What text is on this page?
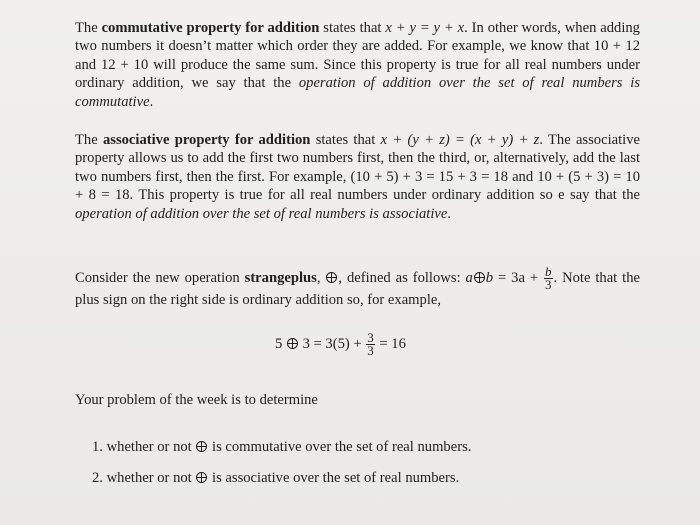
The commutative property for addition states that x + y = y + x. In other words, when adding two numbers it doesn’t matter which order they are added. For example, we know that 10 + 12 and 12 + 10 will produce the same sum. Since this property is true for all real numbers under ordinary addition, we say that the operation of addition over the set of real numbers is commutative.
The associative property for addition states that x + (y + z) = (x + y) + z. The associative property allows us to add the first two numbers first, then the third, or, alternatively, add the last two numbers first, then the first. For example, (10 + 5) + 3 = 15 + 3 = 18 and 10 + (5 + 3) = 10 + 8 = 18. This property is true for all real numbers under ordinary addition so e say that the operation of addition over the set of real numbers is associative.
Consider the new operation strangeplus, , defined as follows: a $b = 3a + \frac{b}{3}$ . Note that the plus sign on the right side is ordinary addition so, for example,
5 $3 = 3(5) + \frac{3}{3} = 16$
Your problem of the week is to determine
1. whether or not  is commutative over the set of real numbers.
2. whether or not  is associative over the set of real numbers.
